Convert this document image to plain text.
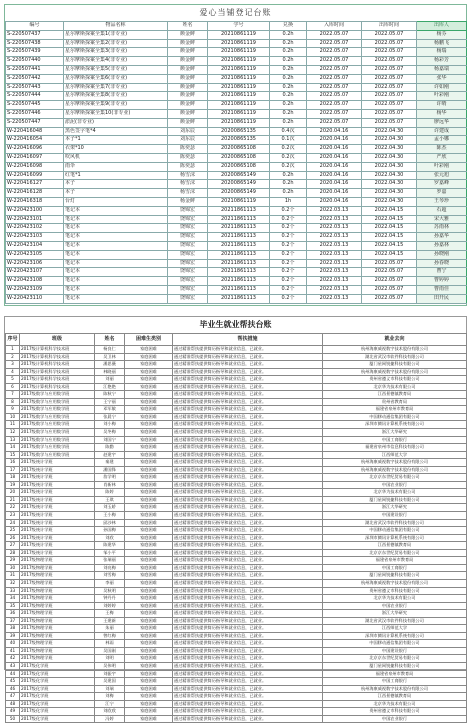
爱心当铺登记台账
编号	物品名称	姓名	学号	兑换	入库时间	出库时间	出库人
S-220507437	星尔摩斯探案全集1(非专业)	颜金鲜	20210861119	0.2h	2022.05.07	2022.05.07	杨芬
S-220507438	星尔摩斯探案全集2(非专业)	颜金鲜	20210861119	0.2h	2022.05.07	2022.05.07	杨鹏飞
S-220507439	星尔摩斯探案全集3(非专业)	颜金鲜	20210861119	0.2h	2022.05.07	2022.05.07	杨瑞
S-220507440	星尔摩斯探案全集4(非专业)	颜金鲜	20210861119	0.2h	2022.05.07	2022.05.07	杨彩芳
S-220507441	星尔摩斯探案全集5(非专业)	颜金鲜	20210861119	0.2h	2022.05.07	2022.05.07	杨嘉瑞
S-220507442	星尔摩斯探案全集6(非专业)	颜金鲜	20210861119	0.2h	2022.05.07	2022.05.07	张华
S-220507443	星尔摩斯探案全集7(非专业)	颜金鲜	20210861119	0.2h	2022.05.07	2022.05.07	许如刚
S-220507444	星尔摩斯探案全集8(非专业)	颜金鲜	20210861119	0.2h	2022.05.07	2022.05.07	叶彩刚
S-220507445	星尔摩斯探案全集9(非专业)	颜金鲜	20210861119	0.2h	2022.05.07	2022.05.07	许晴
S-220507446	星尔摩斯探案全集10(非专业)	颜金鲜	20210861119	0.2h	2022.05.07	2022.05.07	杨华
S-220507447	淤泥(非专业)	颜金鲜	20210861119	0.2h	2022.05.07	2022.05.07	廖远华
W-220416048	黑色签字笔*4	刘东辰	20200865135	0.4次	2020.04.16	2022.04.30	许建成
W-220416054	本子*1	刘东辰	20200865135	0.1次	2020.04.16	2022.04.30	孟小娜
W-220416096	衣架*10	陈奕瑟	20200865108	0.2次	2020.04.16	2022.04.30	陈杰
W-220416097	吹风机	陈奕瑟	20200865108	0.2次	2020.04.16	2022.04.30	严欣
W-220416098	雨伞	陈奕瑟	20200865108	0.2次	2020.04.16	2022.04.30	叶彩刚
W-220416099	红笔*1	杨雪沫	20200865149	0.2h	2020.04.16	2022.04.30	张元旭
W-220416127	本子	杨雪沫	20200865149	0.2h	2020.04.16	2022.04.30	罗嘉峰
W-220416128	本子	杨雪沫	20200865149	0.2h	2020.04.16	2022.04.30	罗嘉
W-220416318	台灯	杨金鲜	20210861119	1h	2020.04.16	2022.04.30	王琴珍
W-220423100	笔记本	饶锦宏	20211861113	0.2个	2022.03.13	2022.04.15	石超
W-220423101	笔记本	饶锦宏	20211861113	0.2个	2022.03.13	2022.04.15	宋大雅
W-220423102	笔记本	饶锦宏	20211861113	0.2个	2022.03.13	2022.04.15	苏雨林
W-220423103	笔记本	饶锦宏	20211861113	0.2个	2022.03.13	2022.04.15	孙嘉华
W-220423104	笔记本	饶锦宏	20211861113	0.2个	2022.03.13	2022.04.15	孙嘉林
W-220423105	笔记本	饶锦宏	20211861113	0.2个	2022.03.13	2022.04.15	孙晓刚
W-220423106	笔记本	饶锦宏	20211861113	0.2个	2022.03.13	2022.05.07	孙春晓
W-220423107	笔记本	饶锦宏	20211861113	0.2个	2022.03.13	2022.05.07	曹宁
W-220423108	笔记本	饶锦宏	20211861113	0.2个	2022.03.13	2022.05.07	曹婷婷
W-220423109	笔记本	饶锦宏	20211861113	0.2个	2022.03.13	2022.05.07	曹雨佳
W-220423110	笔记本	饶锦宏	20211861113	0.2个	2022.03.13	2022.05.07	田开民
毕业生就业帮扶台账
序号	班级	姓名	困难生类别	帮扶措施	就业去向
1	2017级计算机科学技术班	杨良仁	家庭困难	通过精准帮扶提供简历指导和就业信息，已就业。	杭州海康威视数字技术股份有限公司
2	2017级计算机科学技术班	吴卫林	家庭困难	通过精准帮扶提供简历指导和就业信息，已就业。	湖北省武汉市软件科技有限公司
3	2017级计算机科学技术班	潘思薇	家庭困难	通过精准帮扶提供简历指导和就业信息，已就业。	厦门星网锐捷科技有限公司
4	2017级计算机科学技术班	林晓丽	家庭困难	通过精准帮扶提供简历指导和就业信息，已就业。	杭州海康威视数字技术股份有限公司
5	2017级计算机科学技术班	刘丽	家庭困难	通过精准帮扶提供简历指导和就业信息，已就业。	贵州省遵义市科技有限公司
6	2017级计算机科学技术班	江艳艳	家庭困难	通过精准帮扶提供简历指导和就业信息，已就业。	北京华为技术有限公司
7	2017级数学与应用数学班	陈秋宁	家庭困难	通过精准帮扶提供简历指导和就业信息，已就业。	江西景德镇教育局
8	2017级数学与应用数学班	王宁丽	家庭困难	通过精准帮扶提供简历指导和就业信息，已就业。	贵州省教育局
9	2017级数学与应用数学班	邓军敏	家庭困难	通过精准帮扶提供简历指导和就业信息，已就业。	福建省泉州市教育局
10	2017级数学与应用数学班	张晨宁	家庭困难	通过精准帮扶提供简历指导和就业信息，已就业。	中国移动通信集团有限公司
11	2017级数学与应用数学班	刘小梅	家庭困难	通过精准帮扶提供简历指导和就业信息，已就业。	深圳市腾讯计算机系统有限公司
12	2017级数学与应用数学班	吴冬梅	家庭困难	通过精准帮扶提供简历指导和就业信息，已就业。	浙江大华研究
13	2017级数学与应用数学班	刘国宁	家庭困难	通过精准帮扶提供简历指导和就业信息，已就业。	中国工商银行
14	2017级数学与应用数学班	陈勤	家庭困难	通过精准帮扶提供简历指导和就业信息，已就业。	福建省泉州市信息科技有限公司
15	2017级数学与应用数学班	赵建宇	家庭困难	通过精准帮扶提供简历指导和就业信息，已就业。	江西师范大学
16	2017级统计学班	秦建	家庭困难	通过精准帮扶提供简历指导和就业信息，已就业。	杭州海康威视数字技术股份有限公司
17	2017级统计学班	潘国锋	家庭困难	通过精准帮扶提供简历指导和就业信息，已就业。	杭州海康威视数字技术股份有限公司
18	2017级统计学班	詹学明	家庭困难	通过精准帮扶提供简历指导和就业信息，已就业。	北京京东世纪贸易有限公司
19	2017级统计学班	肖新林	家庭困难	通过精准帮扶提供简历指导和就业信息，已就业。	中国农业银行
20	2017级统计学班	陈婷	家庭困难	通过精准帮扶提供简历指导和就业信息，已就业。	北京华为技术有限公司
21	2017级统计学班	王琪	家庭困难	通过精准帮扶提供简历指导和就业信息，已就业。	厦门星网锐捷科技有限公司
22	2017级统计学班	刘玉娇	家庭困难	通过精准帮扶提供简历指导和就业信息，已就业。	浙江大华研究
23	2017级统计学班	王小梅	家庭困难	通过精准帮扶提供简历指导和就业信息，已就业。	中国建设银行
24	2017级统计学班	邱沙林	家庭困难	通过精准帮扶提供简历指导和就业信息，已就业。	湖北省武汉市软件科技有限公司
25	2017级统计学班	孙国梅	家庭困难	通过精准帮扶提供简历指导和就业信息，已就业。	中国移动通信集团有限公司
26	2017级统计学班	刘欣	家庭困难	通过精准帮扶提供简历指导和就业信息，已就业。	深圳市腾讯计算机系统有限公司
27	2017级统计学班	陈建华	家庭困难	通过精准帮扶提供简历指导和就业信息，已就业。	江西景德镇教育局
28	2017级统计学班	邹小平	家庭困难	通过精准帮扶提供简历指导和就业信息，已就业。	北京京东世纪贸易有限公司
29	2017级物理学班	张瑞丽	家庭困难	通过精准帮扶提供简历指导和就业信息，已就业。	福建省泉州市教育局
30	2017级物理学班	刘亮梅	家庭困难	通过精准帮扶提供简历指导和就业信息，已就业。	中国工商银行
31	2017级物理学班	刘雪梅	家庭困难	通过精准帮扶提供简历指导和就业信息，已就业。	厦门星网锐捷科技有限公司
32	2017级物理学班	李丽	家庭困难	通过精准帮扶提供简历指导和就业信息，已就业。	杭州海康威视数字技术股份有限公司
33	2017级物理学班	吴秋明	家庭困难	通过精准帮扶提供简历指导和就业信息，已就业。	贵州省遵义市科技有限公司
34	2017级物理学班	钟丹丹	家庭困难	通过精准帮扶提供简历指导和就业信息，已就业。	北京华为技术有限公司
35	2017级物理学班	刘婷婷	家庭困难	通过精准帮扶提供简历指导和就业信息，已就业。	中国农业银行
36	2017级物理学班	王梅	家庭困难	通过精准帮扶提供简历指导和就业信息，已就业。	浙江大华研究
37	2017级物理学班	王建新	家庭困难	通过精准帮扶提供简历指导和就业信息，已就业。	湖北省武汉市软件科技有限公司
38	2017级物理学班	朱丽	家庭困难	通过精准帮扶提供简历指导和就业信息，已就业。	江西师范大学
39	2017级物理学班	曾红梅	家庭困难	通过精准帮扶提供简历指导和就业信息，已就业。	深圳市腾讯计算机系统有限公司
40	2017级物理学班	林雨	家庭困难	通过精准帮扶提供简历指导和就业信息，已就业。	中国移动通信集团有限公司
41	2017级物理学班	吴国刚	家庭困难	通过精准帮扶提供简历指导和就业信息，已就业。	中国建设银行
42	2017级物理学班	刘明	家庭困难	通过精准帮扶提供简历指导和就业信息，已就业。	北京京东世纪贸易有限公司
43	2017级化学班	吴伟明	家庭困难	通过精准帮扶提供简历指导和就业信息，已就业。	厦门星网锐捷科技有限公司
44	2017级化学班	刘振宇	家庭困难	通过精准帮扶提供简历指导和就业信息，已就业。	福建省泉州市教育局
45	2017级化学班	吴建国	家庭困难	通过精准帮扶提供简历指导和就业信息，已就业。	中国工商银行
46	2017级化学班	刘瑞	家庭困难	通过精准帮扶提供简历指导和就业信息，已就业。	杭州海康威视数字技术股份有限公司
47	2017级化学班	刘梅	家庭困难	通过精准帮扶提供简历指导和就业信息，已就业。	江西景德镇教育局
48	2017级化学班	江宁	家庭困难	通过精准帮扶提供简历指导和就业信息，已就业。	北京华为技术有限公司
49	2017级化学班	刘欣欣	家庭困难	通过精准帮扶提供简历指导和就业信息，已就业。	贵州省遵义市科技有限公司
50	2017级化学班	冯婷	家庭困难	通过精准帮扶提供简历指导和就业信息，已就业。	中国农业银行
